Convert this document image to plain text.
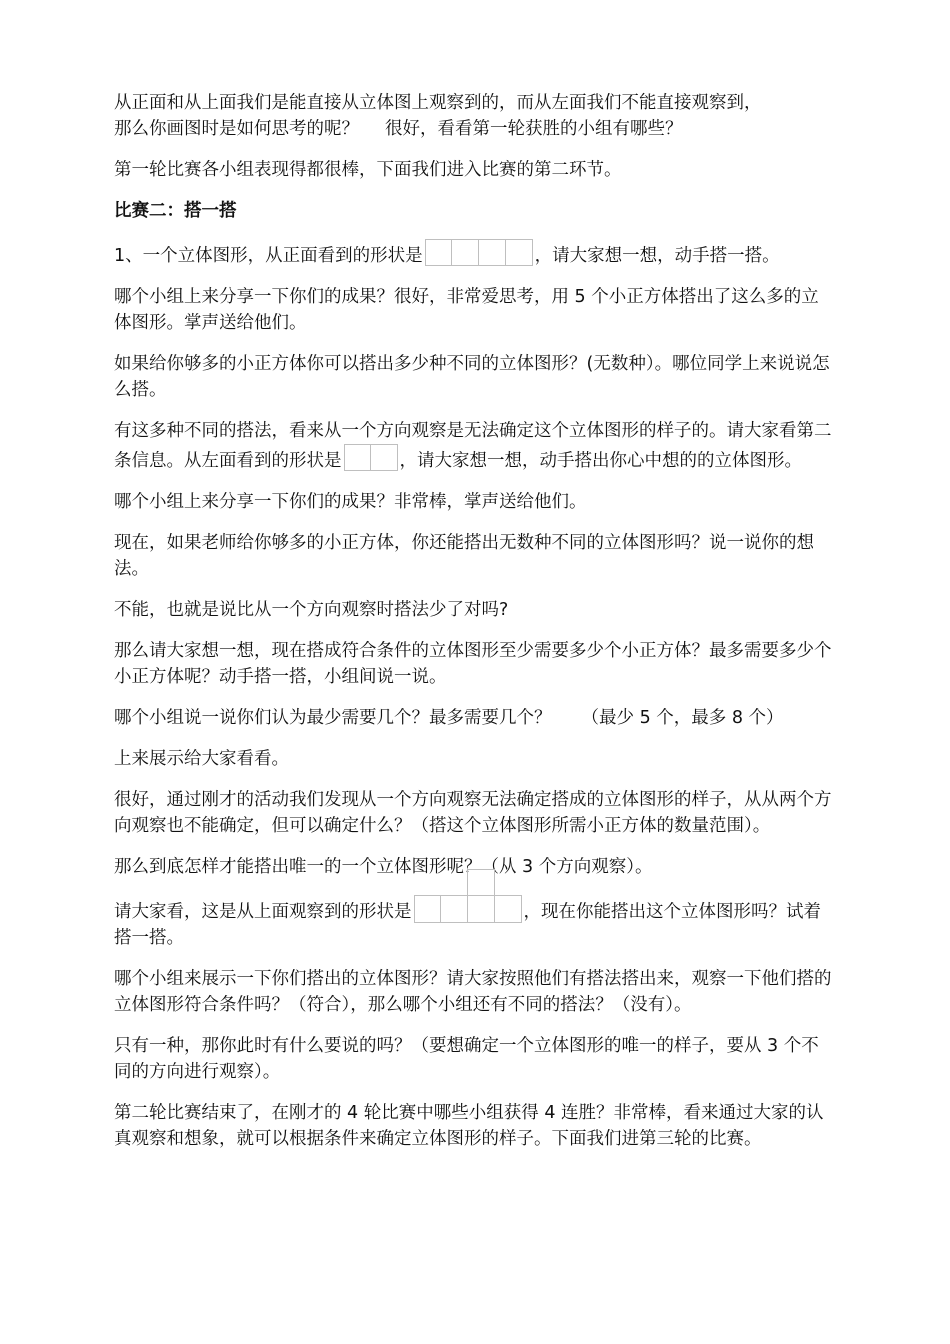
从正面和从上面我们是能直接从立体图上观察到的，而从左面我们不能直接观察到，
那么你画图时是如何思考的呢？ 很好，看看第一轮获胜的小组有哪些？

第一轮比赛各小组表现得都很棒，下面我们进入比赛的第二环节。

比赛二：搭一搭

1、一个立体图形，从正面看到的形状是	，请大家想一想，动手搭一搭。

哪个小组上来分享一下你们的成果？很好，非常爱思考，用 5 个小正方体搭出了这么多的立体图形。掌声送给他们。

如果给你够多的小正方体你可以搭出多少种不同的立体图形？(无数种）。哪位同学上来说说怎么搭。

有这多种不同的搭法，看来从一个方向观察是无法确定这个立体图形的样子的。请大家看第二条信息。从左面看到的形状是	，请大家想一想，动手搭出你心中想的的立体图形。

哪个小组上来分享一下你们的成果？非常棒，掌声送给他们。

现在，如果老师给你够多的小正方体，你还能搭出无数种不同的立体图形吗？说一说你的想法。

不能，也就是说比从一个方向观察时搭法少了对吗?

那么请大家想一想，现在搭成符合条件的立体图形至少需要多少个小正方体？最多需要多少个小正方体呢？动手搭一搭，小组间说一说。

哪个小组说一说你们认为最少需要几个？最多需要几个？ （最少 5 个，最多 8 个）

上来展示给大家看看。

很好，通过刚才的活动我们发现从一个方向观察无法确定搭成的立体图形的样子，从从两个方向观察也不能确定，但可以确定什么？（搭这个立体图形所需小正方体的数量范围）。

那么到底怎样才能搭出唯一的一个立体图形呢？（从 3 个方向观察）。

请大家看，这是从上面观察到的形状是	，现在你能搭出这个立体图形吗？试着搭一搭。

哪个小组来展示一下你们搭出的立体图形？请大家按照他们有搭法搭出来，观察一下他们搭的立体图形符合条件吗？（符合），那么哪个小组还有不同的搭法？（没有）。

只有一种，那你此时有什么要说的吗？（要想确定一个立体图形的唯一的样子，要从 3 个不同的方向进行观察）。

第二轮比赛结束了，在刚才的 4 轮比赛中哪些小组获得 4 连胜？非常棒，看来通过大家的认真观察和想象，就可以根据条件来确定立体图形的样子。下面我们进第三轮的比赛。
